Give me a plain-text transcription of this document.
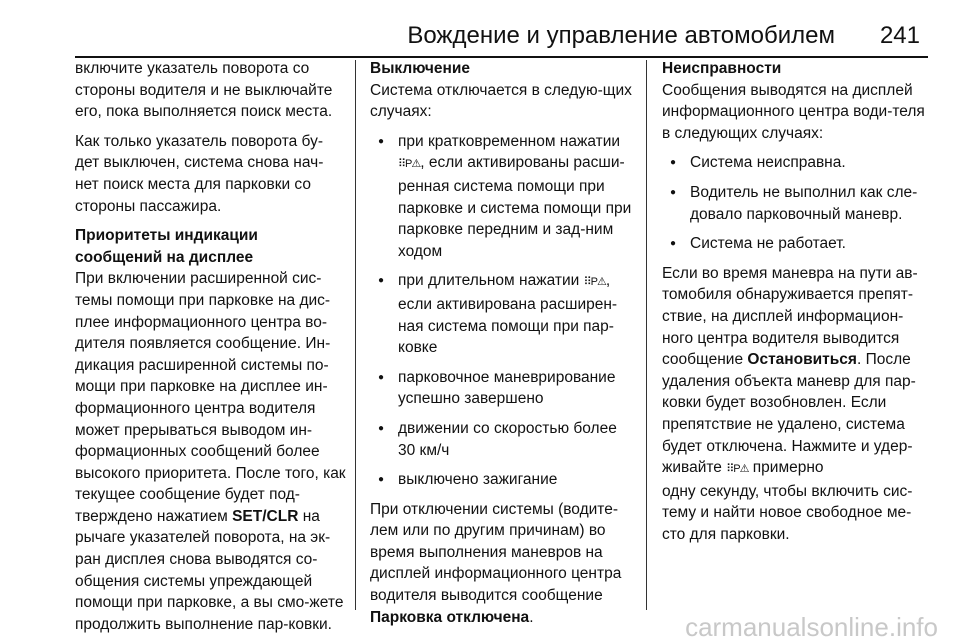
Вождение и управление автомобилем 241

включите указатель поворота со стороны водителя и не выключайте его, пока выполняется поиск места.

Как только указатель поворота бу-дет выключен, система снова нач-нет поиск места для парковки со стороны пассажира.

Приоритеты индикации сообщений на дисплее

При включении расширенной сис-темы помощи при парковке на дис-плее информационного центра во-дителя появляется сообщение. Ин-дикация расширенной системы по-мощи при парковке на дисплее ин-формационного центра водителя может прерываться выводом ин-формационных сообщений более высокого приоритета. После того, как текущее сообщение будет под-тверждено нажатием SET/CLR на рычаге указателей поворота, на эк-ран дисплея снова выводятся со-общения системы упреждающей помощи при парковке, а вы смо-жете продолжить выполнение пар-ковки.

Выключение

Система отключается в следую-щих случаях:

● при кратковременном нажатии ⠿P⚠, если активированы расши-ренная система помощи при парковке и система помощи при парковке передним и зад-ним ходом
● при длительном нажатии ⠿P⚠, если активирована расширен-ная система помощи при пар-ковке
● парковочное маневрирование успешно завершено
● движении со скоростью более 30 км/ч
● выключено зажигание

При отключении системы (водите-лем или по другим причинам) во время выполнения маневров на дисплей информационного центра водителя выводится сообщение Парковка отключена.

Неисправности

Сообщения выводятся на дисплей информационного центра води-теля в следующих случаях:

● Система неисправна.
● Водитель не выполнил как сле-довало парковочный маневр.
● Система не работает.

Если во время маневра на пути ав-томобиля обнаруживается препят-ствие, на дисплей информацион-ного центра водителя выводится сообщение Остановиться. После удаления объекта маневр для пар-ковки будет возобновлен. Если препятствие не удалено, система будет отключена. Нажмите и удер-живайте ⠿P⚠ примерно
одну секунду, чтобы включить сис-тему и найти новое свободное ме-сто для парковки.

carmanualsonline.info
